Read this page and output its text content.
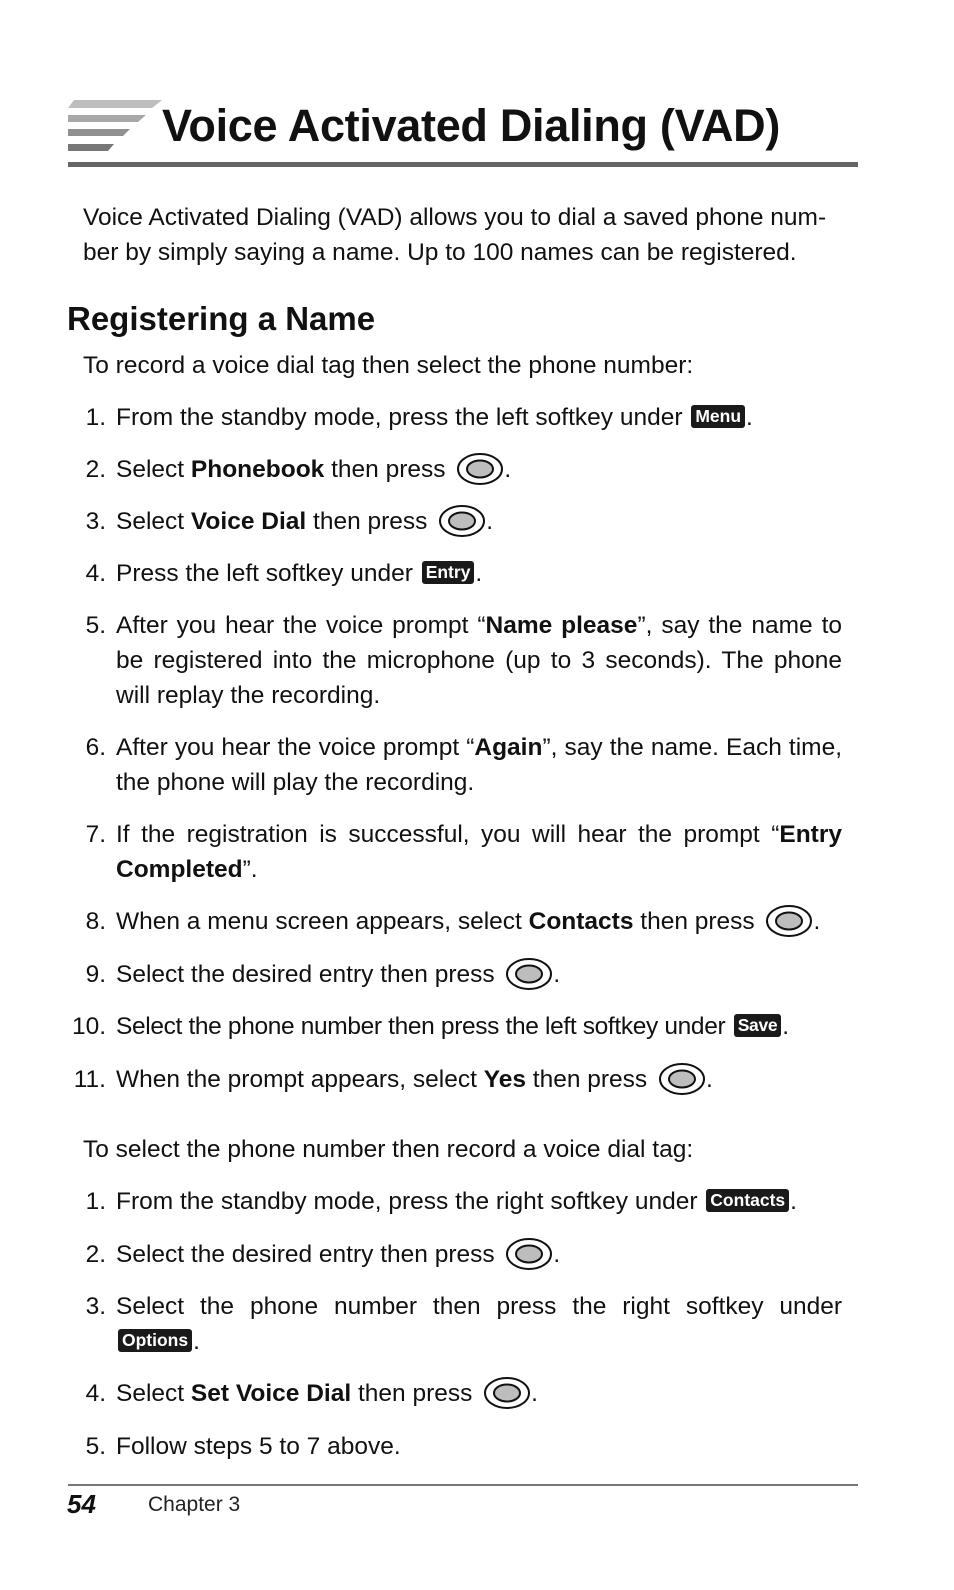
Voice Activated Dialing (VAD)
Voice Activated Dialing (VAD) allows you to dial a saved phone num-
ber by simply saying a name. Up to 100 names can be registered.
Registering a Name
To record a voice dial tag then select the phone number:
1. From the standby mode, press the left softkey under Menu .
2. Select Phonebook then press .
3. Select Voice Dial then press .
4. Press the left softkey under Entry .
5. After you hear the voice prompt “Name please”, say the name to be registered into the microphone (up to 3 seconds). The phone will replay the recording.
6. After you hear the voice prompt “Again”, say the name. Each time, the phone will play the recording.
7. If the registration is successful, you will hear the prompt “Entry Completed”.
8. When a menu screen appears, select Contacts then press .
9. Select the desired entry then press .
10. Select the phone number then press the left softkey under Save .
11. When the prompt appears, select Yes then press .
To select the phone number then record a voice dial tag:
1. From the standby mode, press the right softkey under Contacts .
2. Select the desired entry then press .
3. Select the phone number then press the right softkey under Options .
4. Select Set Voice Dial then press .
5. Follow steps 5 to 7 above.
54 Chapter 3
